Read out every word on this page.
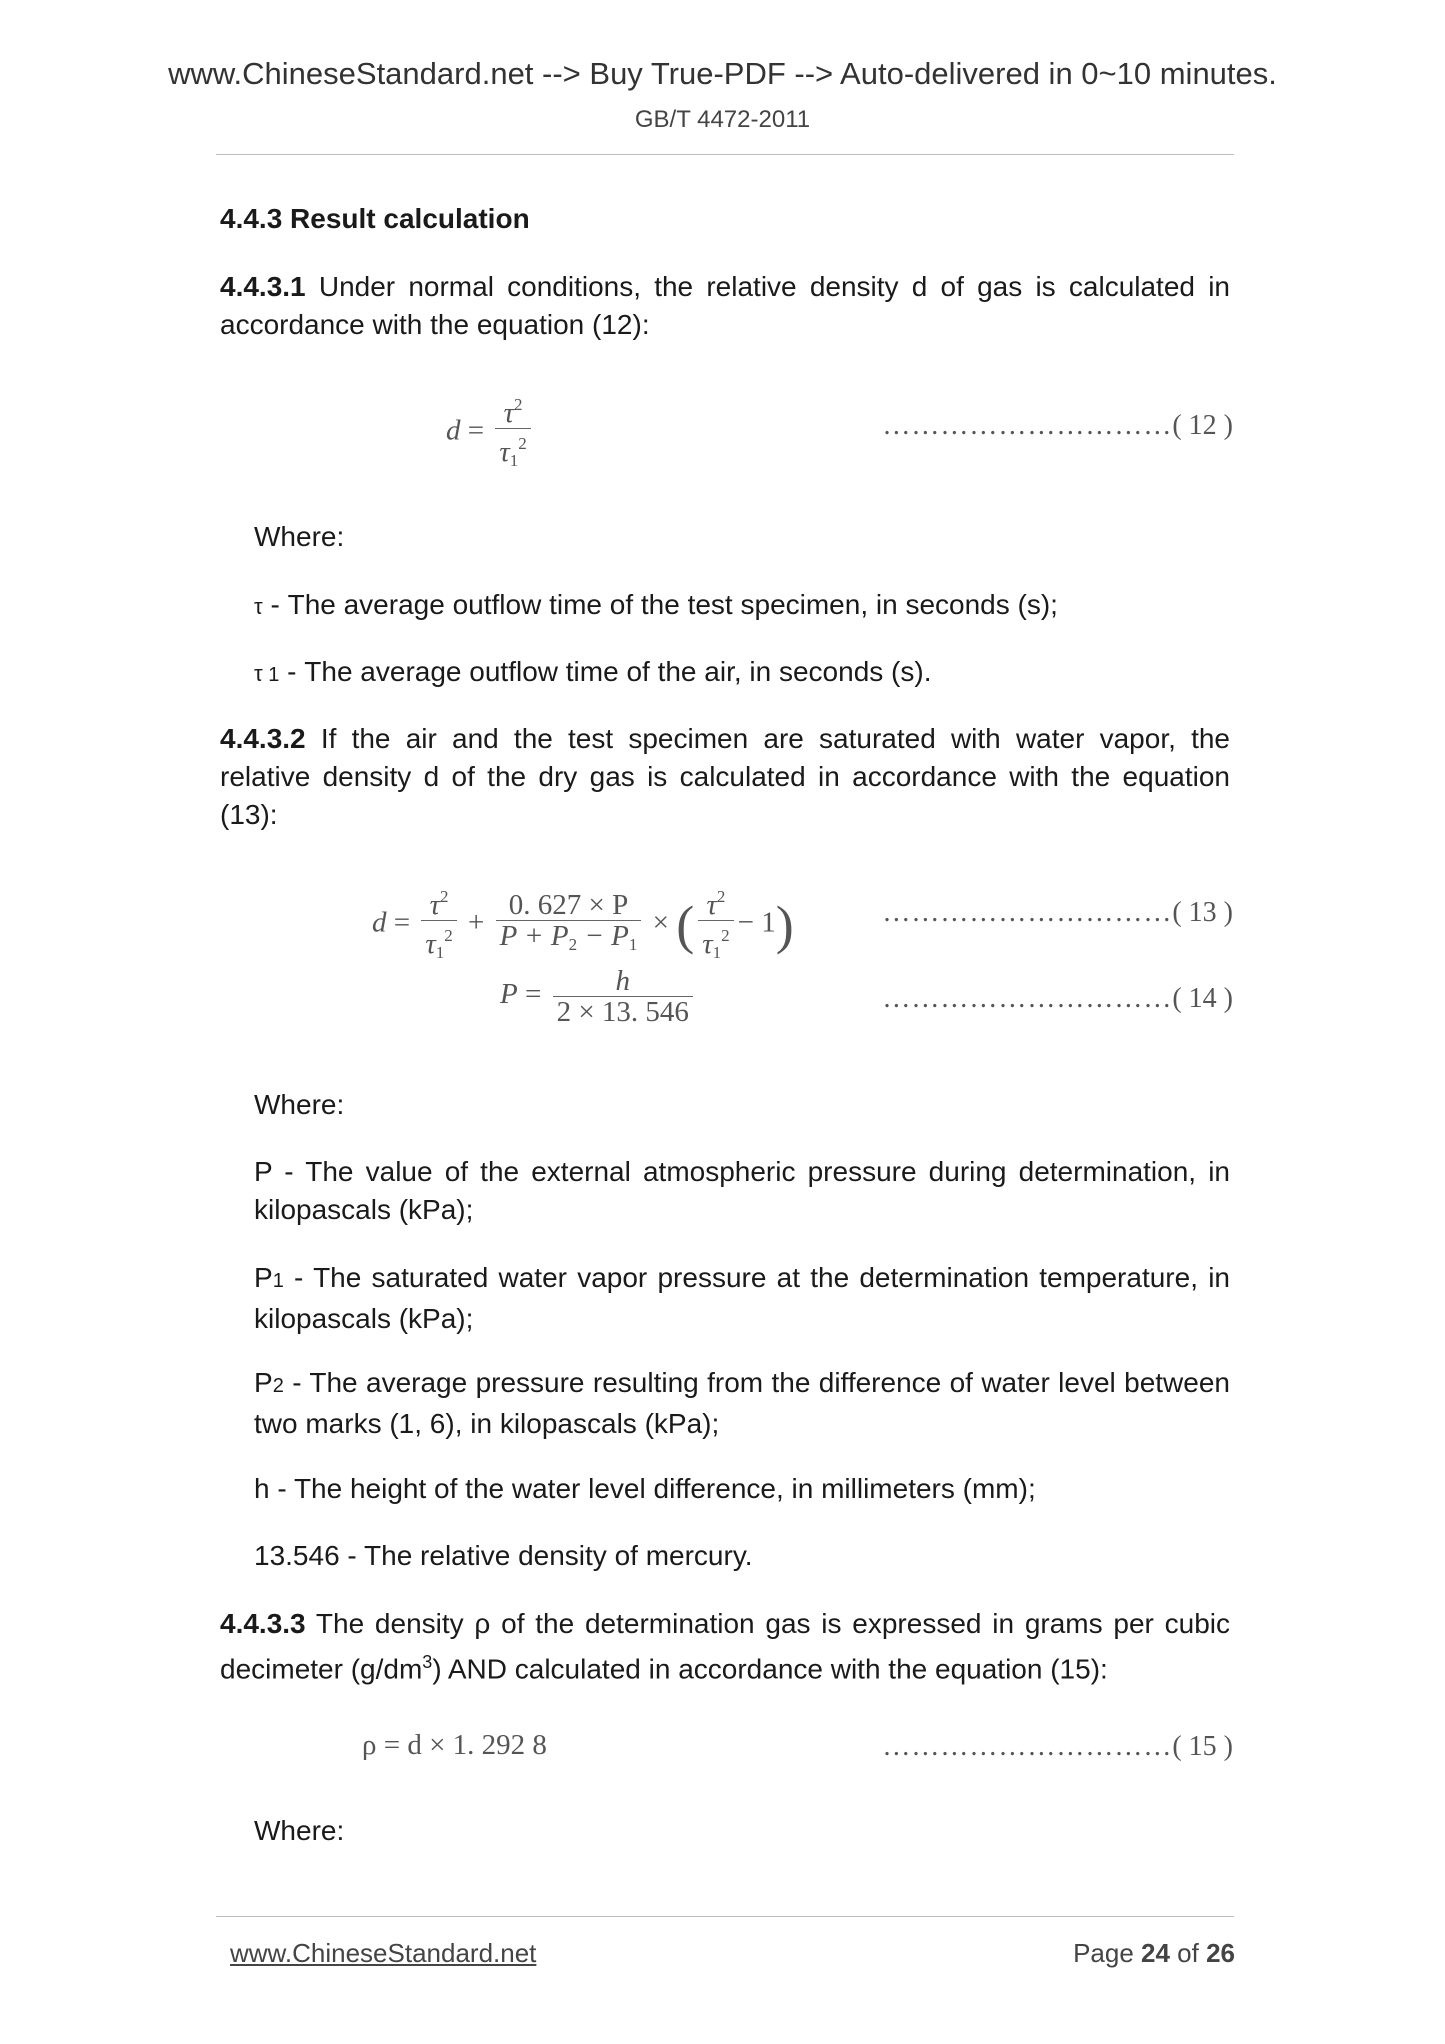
www.ChineseStandard.net --> Buy True-PDF --> Auto-delivered in 0~10 minutes.
GB/T 4472-2011
4.4.3 Result calculation
4.4.3.1 Under normal conditions, the relative density d of gas is calculated in accordance with the equation (12):
$d = \frac{\tau^2}{\tau_1^2}$	…………………………( 12 )
Where:
τ - The average outflow time of the test specimen, in seconds (s);
τ 1 - The average outflow time of the air, in seconds (s).
4.4.3.2 If the air and the test specimen are saturated with water vapor, the relative density d of the dry gas is calculated in accordance with the equation (13):
$d = \frac{\tau^2}{\tau_1^2} + \frac{0. 627 \times P}{P + P_2 - P_1}$ × ( $\frac{\tau^2}{\tau_1^2} - 1$)	…………………………( 13 )
$P = \frac{h}{2 \times 13. 546}$	…………………………( 14 )
Where:
P - The value of the external atmospheric pressure during determination, in kilopascals (kPa);
P1 - The saturated water vapor pressure at the determination temperature, in kilopascals (kPa);
P2 - The average pressure resulting from the difference of water level between two marks (1, 6), in kilopascals (kPa);
h - The height of the water level difference, in millimeters (mm);
13.546 - The relative density of mercury.
4.4.3.3 The density ρ of the determination gas is expressed in grams per cubic decimeter $(g/dm^3)$ AND calculated in accordance with the equation (15):
ρ = d × 1. 292 8	…………………………( 15 )
Where:
www.ChineseStandard.net	Page 24 of 26
